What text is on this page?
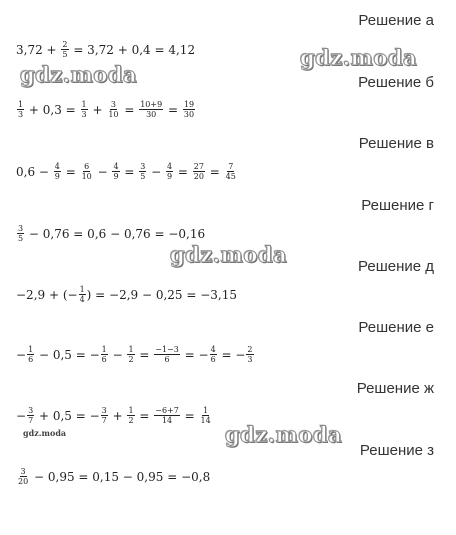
Решение а
$3,72 + \frac{2}{5} = 3,72 + 0,4 = 4,12$
gdz.moda
gdz.moda
Решение б
$\frac{1}{3} + 0,3 = \frac{1}{3} + \frac{3}{10} = \frac{10+9}{30} = \frac{19}{30}$
Решение в
$0,6 - \frac{4}{9} = \frac{6}{10} - \frac{4}{9} = \frac{3}{5} - \frac{4}{9} = \frac{27}{20} = \frac{7}{45}$
Решение г
$\frac{3}{5} - 0,76 = 0,6 - 0,76 = -0,16$
gdz.moda	Решение д
−2,9 + (− $\frac{1}{4}$ ) = −2,9 − 0,25 = −3,15
Решение е
− $\frac{1}{6} - 0,5$ = − $\frac{1}{6} - \frac{1}{2} = \frac{-1-3}{6}$ = − $\frac{4}{6}$ = − $\frac{2}{3}$
Решение ж
− $\frac{3}{7} + 0,5$ = − $\frac{3}{7} + \frac{1}{2} = \frac{-6+7}{14} = \frac{1}{14}$
gdz.moda	gdz.moda
Решение з
$\frac{3}{20} - 0,95 = 0,15 - 0,95 = -0,8$
